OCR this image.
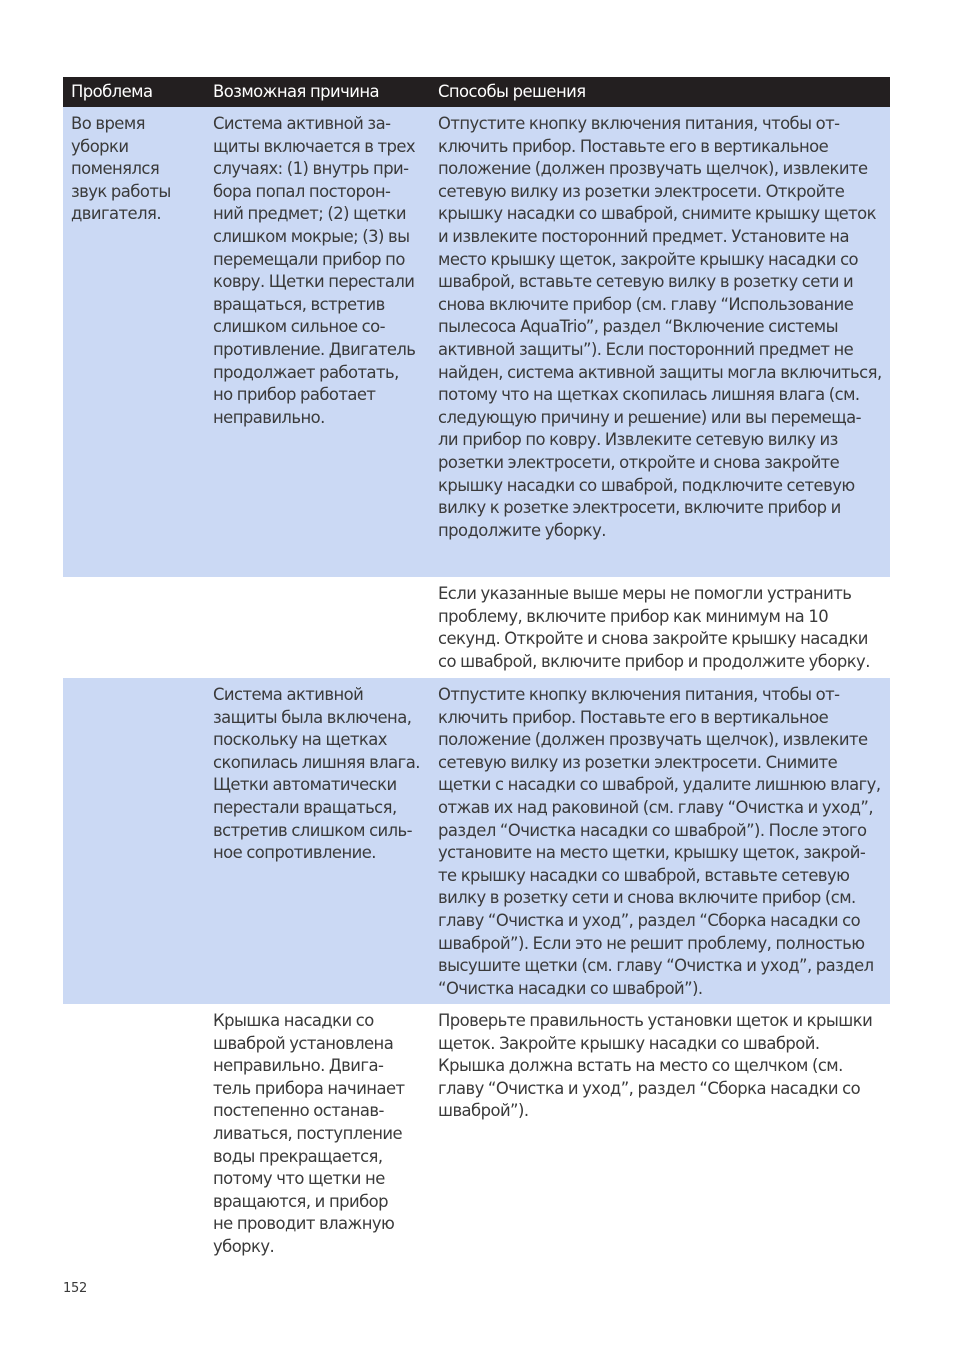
Проблема	Возможная причина	Способы решения
Во время
уборки
поменялся
звук работы
двигателя.
Система активной за-
щиты включается в трех
случаях: (1) внутрь при-
бора попал посторон-
ний предмет; (2) щетки
слишком мокрые; (3) вы
перемещали прибор по
ковру. Щетки перестали
вращаться, встретив
слишком сильное со-
противление. Двигатель
продолжает работать,
но прибор работает
неправильно.
Отпустите кнопку включения питания, чтобы от-
ключить прибор. Поставьте его в вертикальное
положение (должен прозвучать щелчок), извлеките
сетевую вилку из розетки электросети. Откройте
крышку насадки со шваброй, снимите крышку щеток
и извлеките посторонний предмет. Установите на
место крышку щеток, закройте крышку насадки со
шваброй, вставьте сетевую вилку в розетку сети и
снова включите прибор (см. главу “Использование
пылесоса AquaTrio”, раздел “Включение системы
активной защиты”). Если посторонний предмет не
найден, система активной защиты могла включиться,
потому что на щетках скопилась лишняя влага (см.
следующую причину и решение) или вы перемеща-
ли прибор по ковру. Извлеките сетевую вилку из
розетки электросети, откройте и снова закройте
крышку насадки со шваброй, подключите сетевую
вилку к розетке электросети, включите прибор и
продолжите уборку.
Если указанные выше меры не помогли устранить
проблему, включите прибор как минимум на 10
секунд. Откройте и снова закройте крышку насадки
со шваброй, включите прибор и продолжите уборку.
Система активной
защиты была включена,
поскольку на щетках
скопилась лишняя влага.
Щетки автоматически
перестали вращаться,
встретив слишком силь-
ное сопротивление.
Отпустите кнопку включения питания, чтобы от-
ключить прибор. Поставьте его в вертикальное
положение (должен прозвучать щелчок), извлеките
сетевую вилку из розетки электросети. Снимите
щетки с насадки со шваброй, удалите лишнюю влагу,
отжав их над раковиной (см. главу “Очистка и уход”,
раздел “Очистка насадки со шваброй”). После этого
установите на место щетки, крышку щеток, закрой-
те крышку насадки со шваброй, вставьте сетевую
вилку в розетку сети и снова включите прибор (см.
главу “Очистка и уход”, раздел “Сборка насадки со
шваброй”). Если это не решит проблему, полностью
высушите щетки (см. главу “Очистка и уход”, раздел
“Очистка насадки со шваброй”).
Крышка насадки со
шваброй установлена
неправильно. Двига-
тель прибора начинает
постепенно останав-
ливаться, поступление
воды прекращается,
потому что щетки не
вращаются, и прибор
не проводит влажную
уборку.
Проверьте правильность установки щеток и крышки
щеток. Закройте крышку насадки со шваброй.
Крышка должна встать на место со щелчком (см.
главу “Очистка и уход”, раздел “Сборка насадки со
шваброй”).
152
